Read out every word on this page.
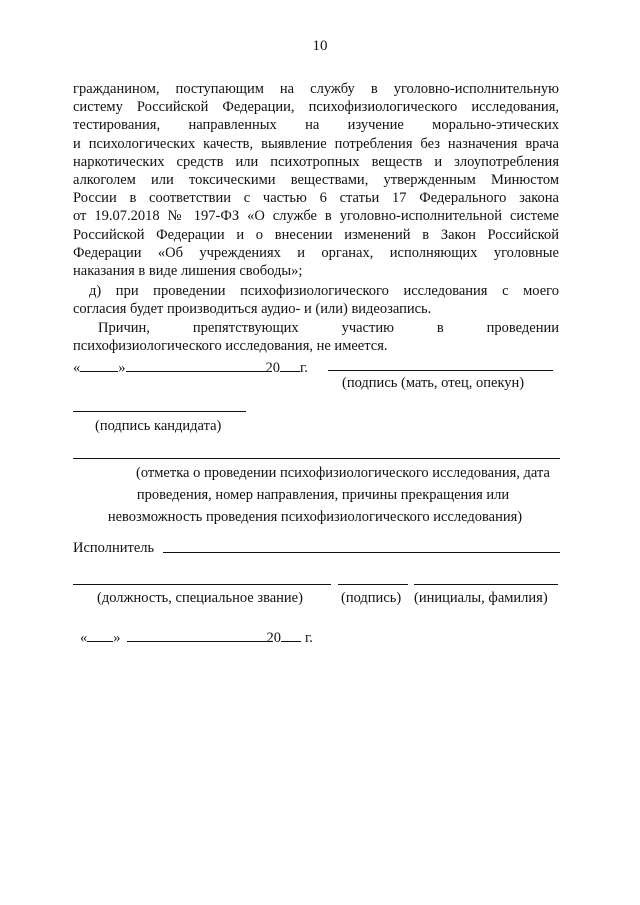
10
гражданином, поступающим на службу в уголовно-исполнительную
систему Российской Федерации, психофизиологического исследования,
тестирования, направленных на изучение морально-этических
и психологических качеств, выявление потребления без назначения врача
наркотических средств или психотропных веществ и злоупотребления
алкоголем или токсическими веществами, утвержденным Минюстом
России в соответствии с частью 6 статьи 17 Федерального закона
от 19.07.2018 № 197-ФЗ «О службе в уголовно-исполнительной системе
Российской Федерации и о внесении изменений в Закон Российской
Федерации «Об учреждениях и органах, исполняющих уголовные
наказания в виде лишения свободы»;
д) при проведении психофизиологического исследования с моего
согласия будет производиться аудио- и (или) видеозапись.
Причин, препятствующих участию в проведении
психофизиологического исследования, не имеется.
«	»	20 г.
(подпись (мать, отец, опекун)
(подпись кандидата)
(отметка о проведении психофизиологического исследования, дата
проведения, номер направления, причины прекращения или
невозможность проведения психофизиологического исследования)
Исполнитель
(должность, специальное звание)	(подпись) (инициалы, фамилия)
« »	20 г.
